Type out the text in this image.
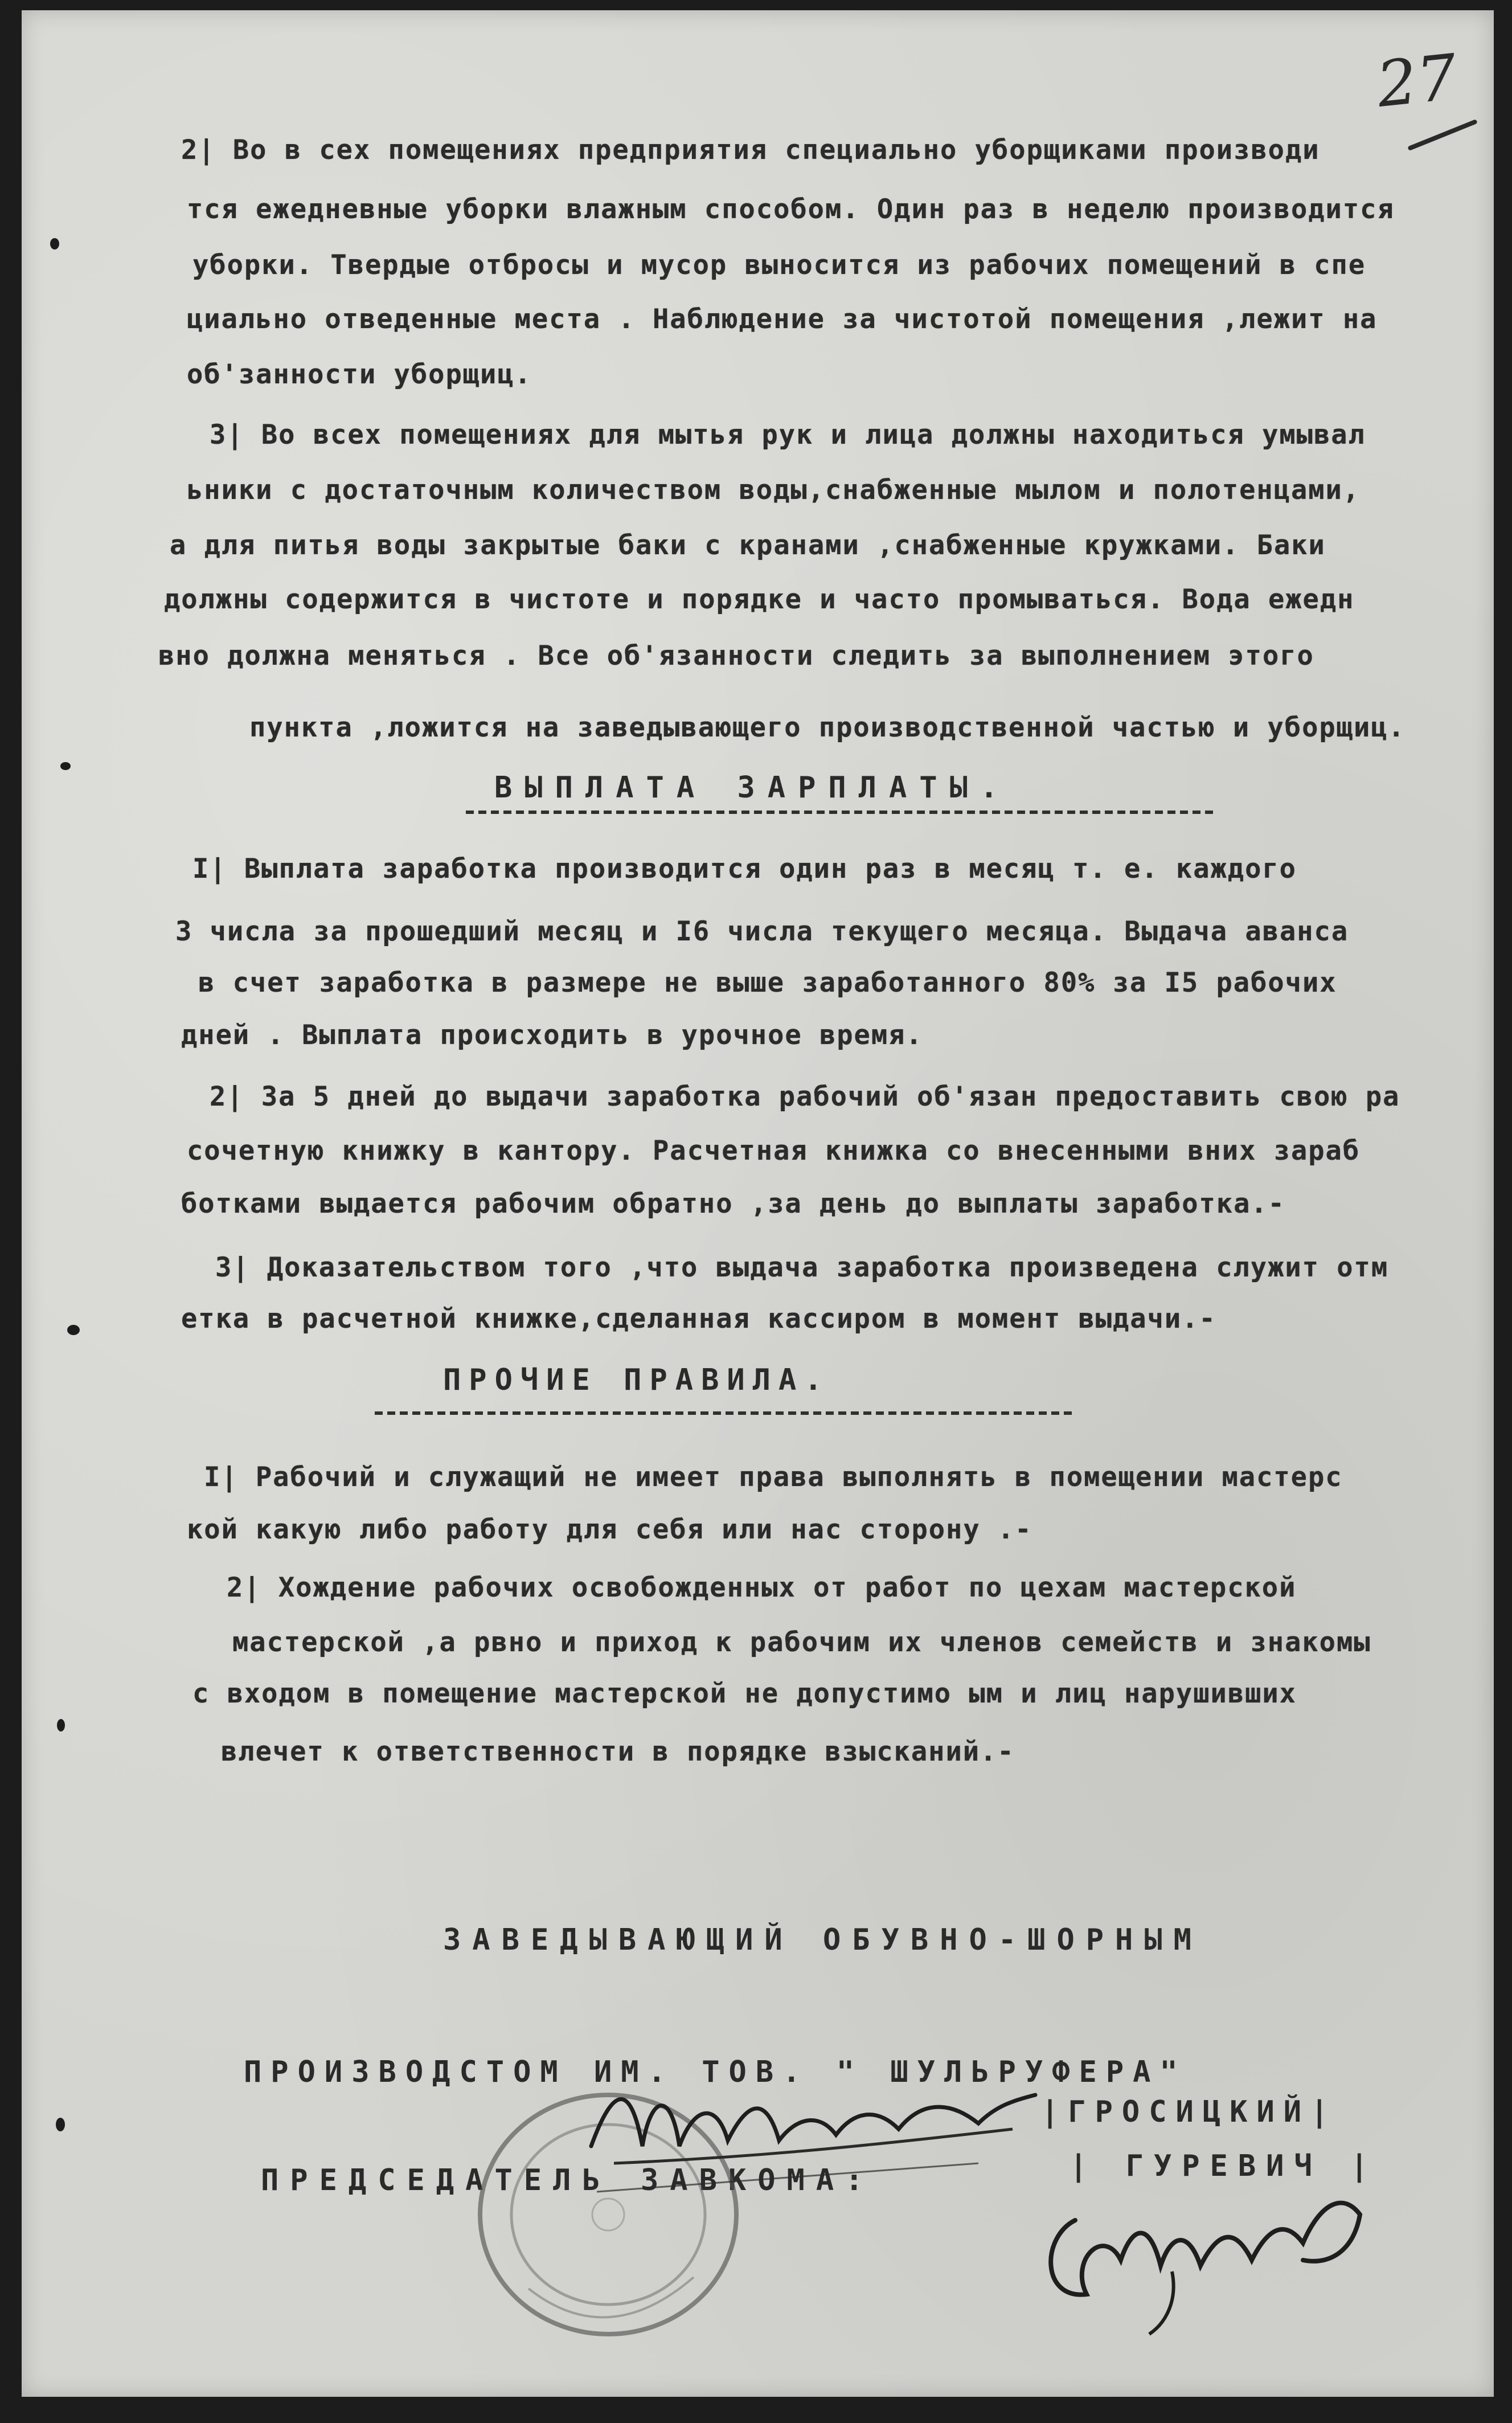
27
2| Во в сех помещениях предприятия специально уборщиками производи
тся ежедневные уборки влажным способом. Один раз в неделю производится
уборки. Твердые отбросы и мусор выносится из рабочих помещений в спе
циально отведенные места . Наблюдение за чистотой помещения ,лежит на
об'занности уборщиц.
3| Во всех помещениях для мытья рук и лица должны находиться умывал
ьники с достаточным количеством воды,снабженные мылом и полотенцами,
а для питья воды закрытые баки с кранами ,снабженные кружками. Баки
должны содержится в чистоте и порядке и часто промываться. Вода ежедн
вно должна меняться . Все об'язанности следить за выполнением этого
пункта ,ложится на заведывающего производственной частью и уборщиц.
ВЫПЛАТА ЗАРПЛАТЫ.
I| Выплата заработка производится один раз в месяц т. е. каждого
3 числа за прошедший месяц и I6 числа текущего месяца. Выдача аванса
в счет заработка в размере не выше заработанного 80% за I5 рабочих
дней . Выплата происходить в урочное время.
2| За 5 дней до выдачи заработка рабочий об'язан предоставить свою ра
сочетную книжку в кантору. Расчетная книжка со внесенными вних зараб
ботками выдается рабочим обратно ,за день до выплаты заработка.-
3| Доказательством того ,что выдача заработка произведена служит отм
етка в расчетной книжке,сделанная кассиром в момент выдачи.-
ПРОЧИЕ ПРАВИЛА.
I| Рабочий и служащий не имеет права выполнять в помещении мастерс
кой какую либо работу для себя или нас сторону .-
2| Хождение рабочих освобожденных от работ по цехам мастерской
мастерской ,а рвно и приход к рабочим их членов семейств и знакомы
с входом в помещение мастерской не допустимо ым и лиц нарушивших
влечет к ответственности в порядке взысканий.-
ЗАВЕДЫВАЮЩИЙ ОБУВНО-ШОРНЫМ
ПРОИЗВОДСТОМ ИМ. ТОВ. " ШУЛЬРУФЕРА"
|ГРОСИЦКИЙ|
ПРЕДСЕДАТЕЛЬ ЗАВКОМА:	| ГУРЕВИЧ |
